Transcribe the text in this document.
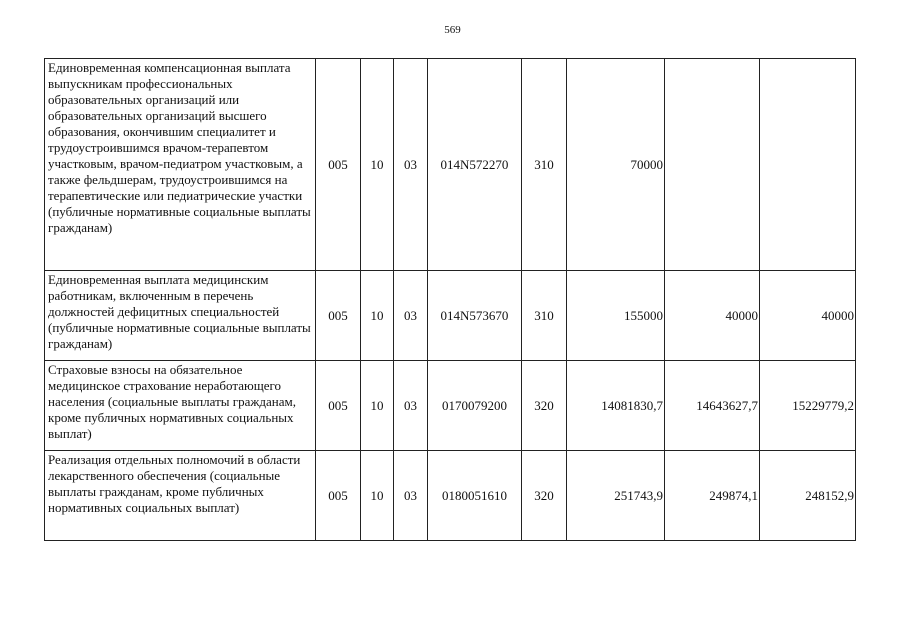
569
Единовременная компенсационная выплата выпускникам профессиональных образовательных организаций или образовательных организаций высшего образования, окончившим специалитет и трудоустроившимся врачом-терапевтом участковым, врачом-педиатром участковым, а также фельдшерам, трудоустроившимся на терапевтические или педиатрические участки (публичные нормативные социальные выплаты гражданам)	005	10	03	014N572270	310	70000		
Единовременная выплата медицинским работникам, включенным в перечень должностей дефицитных специальностей (публичные нормативные социальные выплаты гражданам)	005	10	03	014N573670	310	155000	40000	40000
Страховые взносы на обязательное медицинское страхование неработающего населения (социальные выплаты гражданам, кроме публичных нормативных социальных выплат)	005	10	03	0170079200	320	14081830,7	14643627,7	15229779,2
Реализация отдельных полномочий в области лекарственного обеспечения (социальные выплаты гражданам, кроме публичных нормативных социальных выплат)	005	10	03	0180051610	320	251743,9	249874,1	248152,9
